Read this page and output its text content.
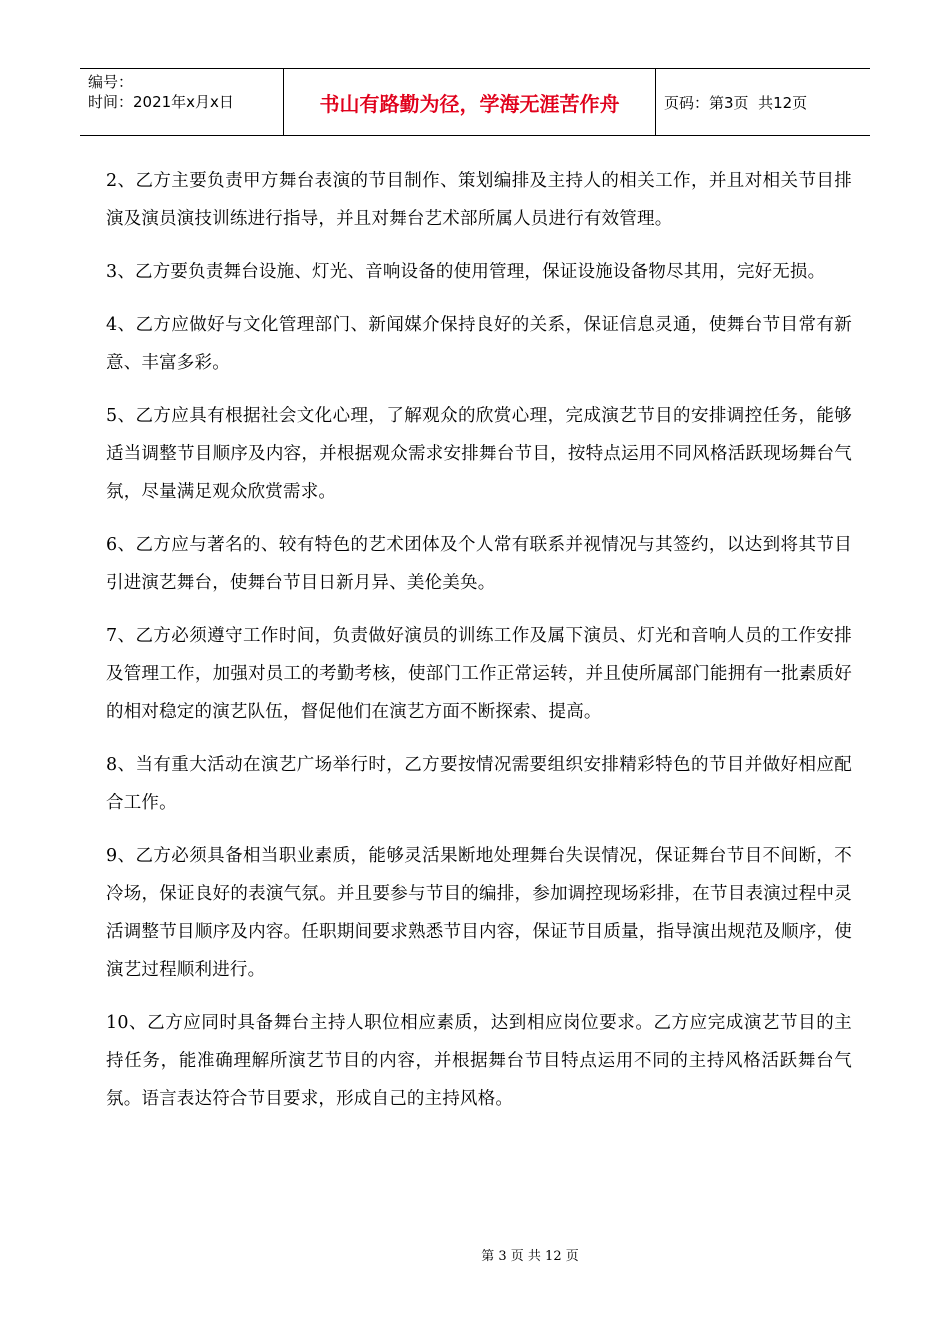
编号：
时间：2021年x月x日	书山有路勤为径，学海无涯苦作舟	页码：第3页  共12页

2、乙方主要负责甲方舞台表演的节目制作、策划编排及主持人的相关工作，并且对相关节目排演及演员演技训练进行指导，并且对舞台艺术部所属人员进行有效管理。

3、乙方要负责舞台设施、灯光、音响设备的使用管理，保证设施设备物尽其用，完好无损。

4、乙方应做好与文化管理部门、新闻媒介保持良好的关系，保证信息灵通，使舞台节目常有新意、丰富多彩。

5、乙方应具有根据社会文化心理，了解观众的欣赏心理，完成演艺节目的安排调控任务，能够适当调整节目顺序及内容，并根据观众需求安排舞台节目，按特点运用不同风格活跃现场舞台气氛，尽量满足观众欣赏需求。

6、乙方应与著名的、较有特色的艺术团体及个人常有联系并视情况与其签约，以达到将其节目引进演艺舞台，使舞台节目日新月异、美伦美奂。

7、乙方必须遵守工作时间，负责做好演员的训练工作及属下演员、灯光和音响人员的工作安排及管理工作，加强对员工的考勤考核，使部门工作正常运转，并且使所属部门能拥有一批素质好的相对稳定的演艺队伍，督促他们在演艺方面不断探索、提高。

8、当有重大活动在演艺广场举行时，乙方要按情况需要组织安排精彩特色的节目并做好相应配合工作。

9、乙方必须具备相当职业素质，能够灵活果断地处理舞台失误情况，保证舞台节目不间断，不冷场，保证良好的表演气氛。并且要参与节目的编排，参加调控现场彩排，在节目表演过程中灵活调整节目顺序及内容。任职期间要求熟悉节目内容，保证节目质量，指导演出规范及顺序，使演艺过程顺利进行。

10、乙方应同时具备舞台主持人职位相应素质，达到相应岗位要求。乙方应完成演艺节目的主持任务，能准确理解所演艺节目的内容，并根据舞台节目特点运用不同的主持风格活跃舞台气氛。语言表达符合节目要求，形成自己的主持风格。

第 3 页 共 12 页
